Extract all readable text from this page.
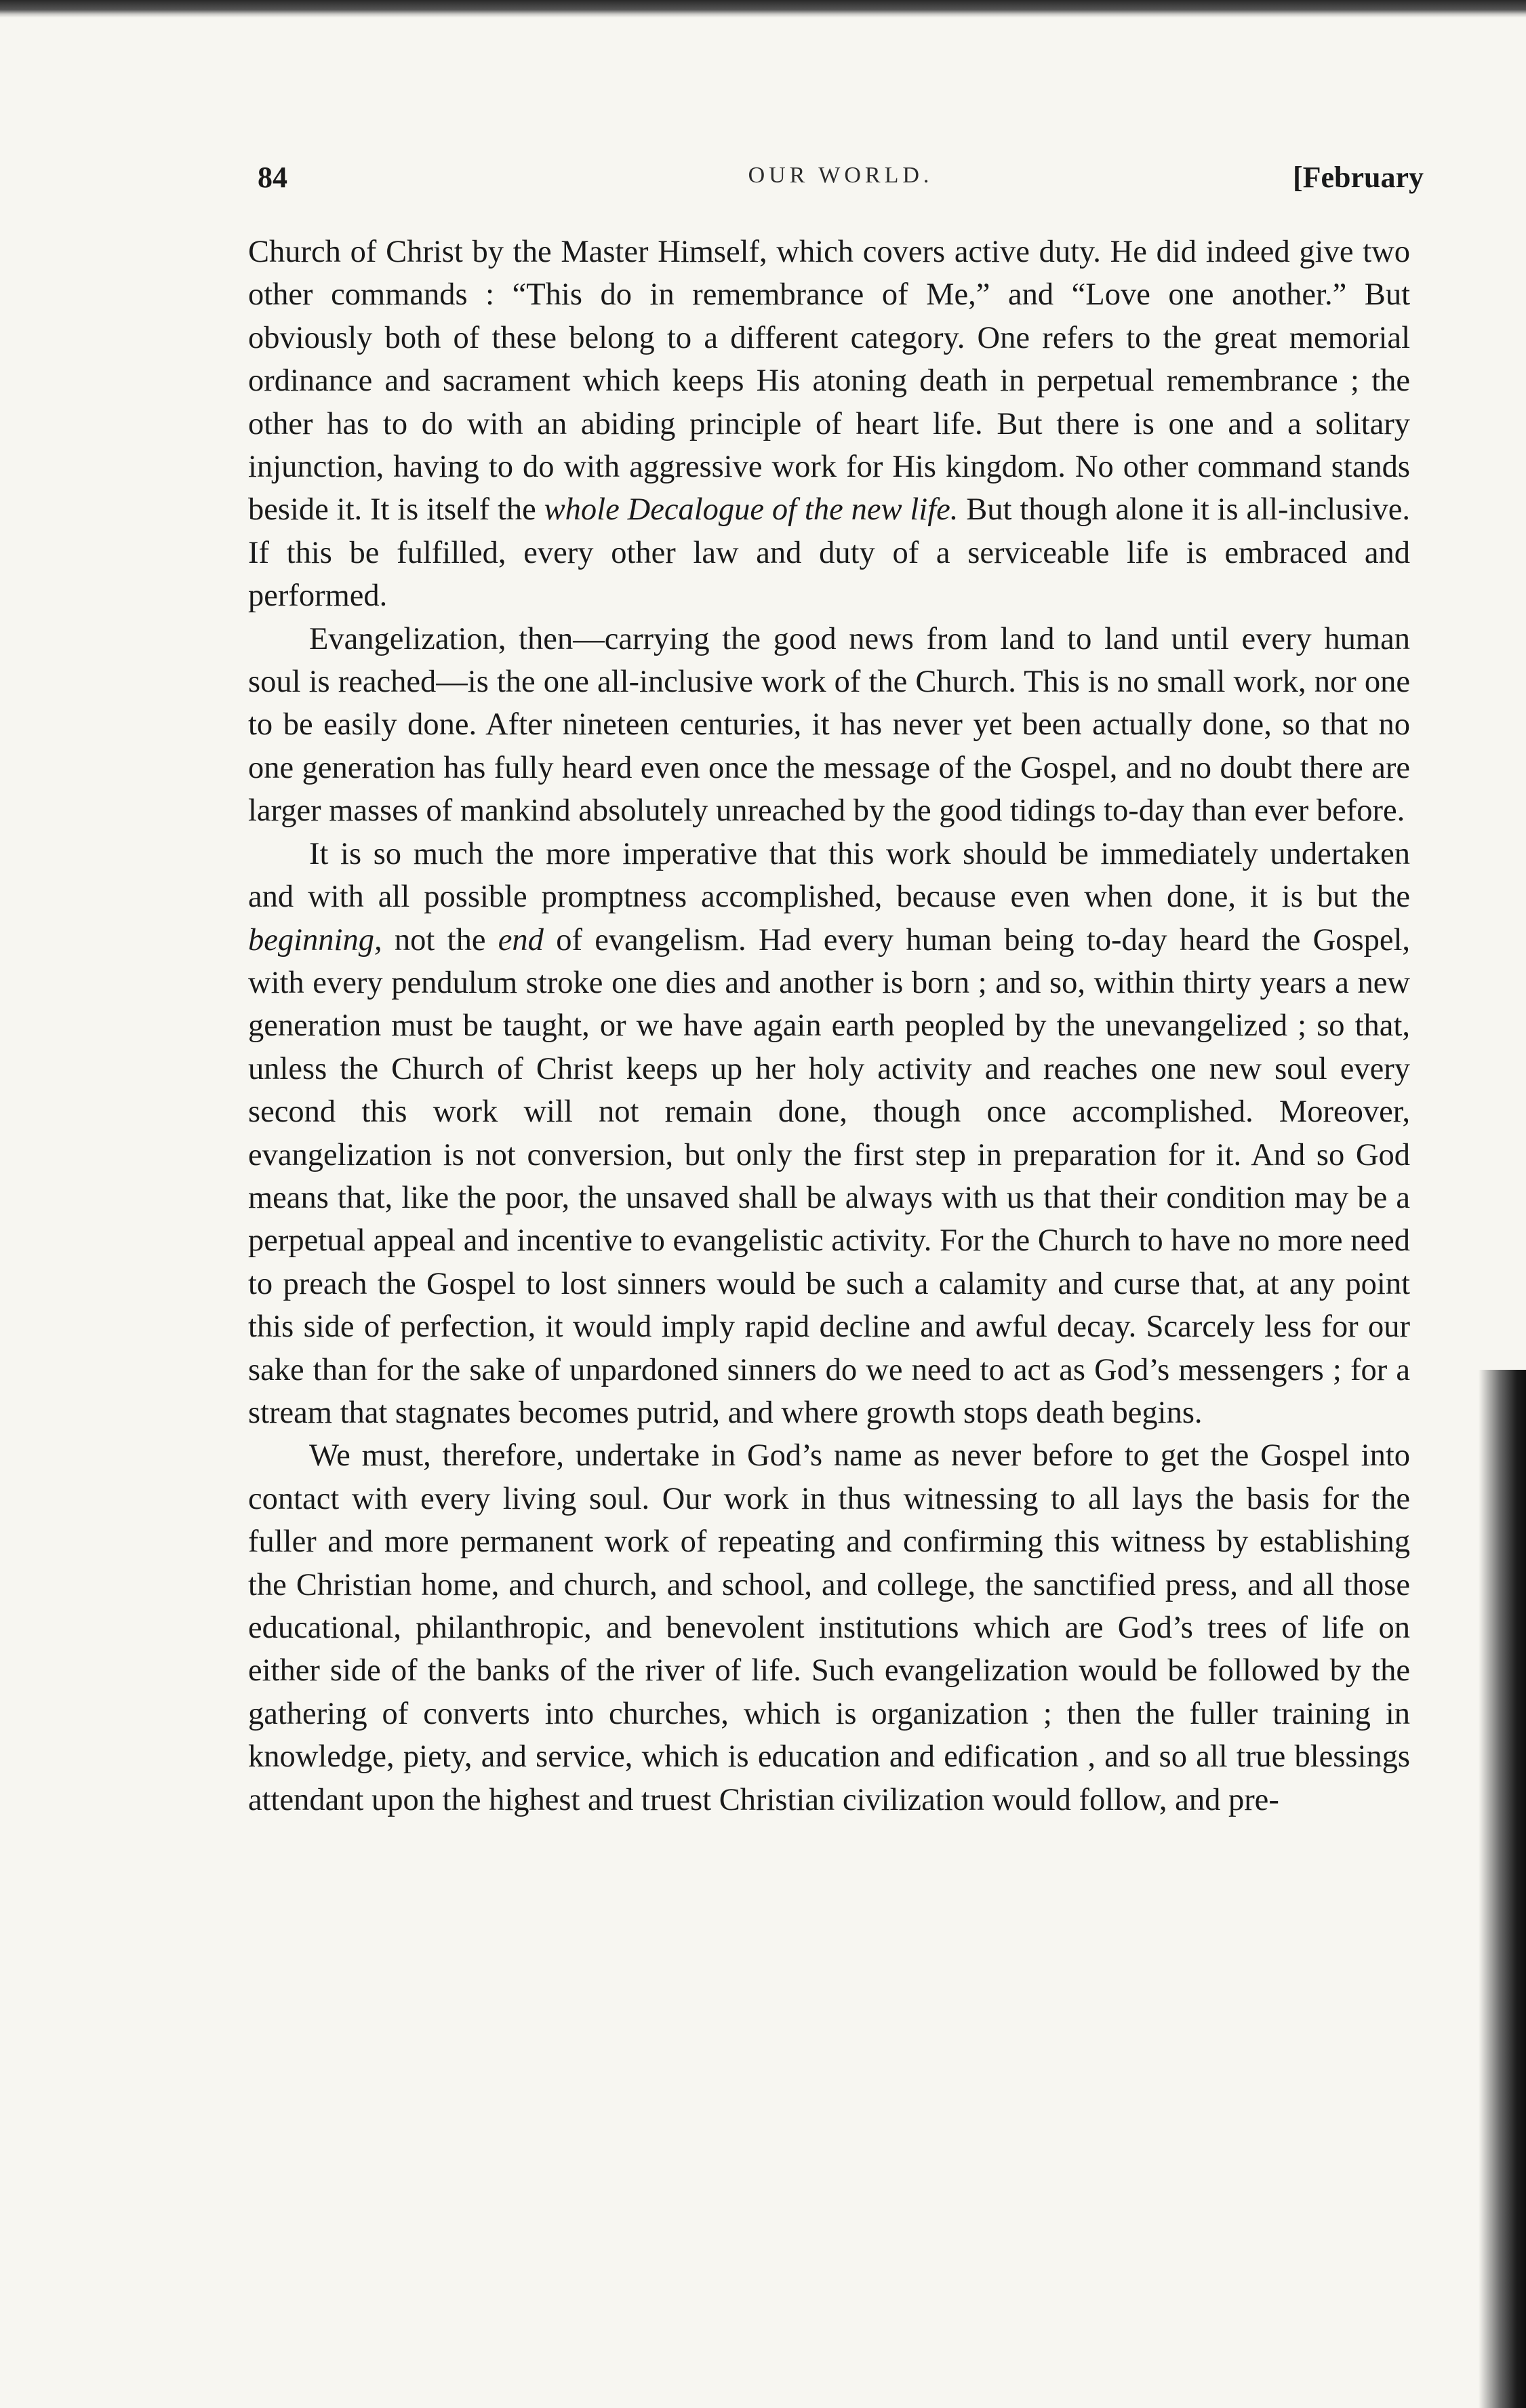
84	OUR WORLD.	[February

Church of Christ by the Master Himself, which covers active duty. He did indeed give two other commands : “This do in remembrance of Me,” and “Love one another.” But obviously both of these belong to a different category. One refers to the great memorial ordinance and sacrament which keeps His atoning death in perpetual remembrance ; the other has to do with an abiding principle of heart life. But there is one and a solitary injunction, having to do with aggressive work for His kingdom. No other command stands beside it. It is itself the whole Decalogue of the new life. But though alone it is all-inclusive. If this be fulfilled, every other law and duty of a serviceable life is embraced and performed.

Evangelization, then—carrying the good news from land to land until every human soul is reached—is the one all-inclusive work of the Church. This is no small work, nor one to be easily done. After nineteen centuries, it has never yet been actually done, so that no one generation has fully heard even once the message of the Gospel, and no doubt there are larger masses of mankind absolutely unreached by the good tidings to-day than ever before.

It is so much the more imperative that this work should be immediately undertaken and with all possible promptness accomplished, because even when done, it is but the beginning, not the end of evangelism. Had every human being to-day heard the Gospel, with every pendulum stroke one dies and another is born ; and so, within thirty years a new generation must be taught, or we have again earth peopled by the unevangelized ; so that, unless the Church of Christ keeps up her holy activity and reaches one new soul every second this work will not remain done, though once accomplished. Moreover, evangelization is not conversion, but only the first step in preparation for it. And so God means that, like the poor, the unsaved shall be always with us that their condition may be a perpetual appeal and incentive to evangelistic activity. For the Church to have no more need to preach the Gospel to lost sinners would be such a calamity and curse that, at any point this side of perfection, it would imply rapid decline and awful decay. Scarcely less for our sake than for the sake of unpardoned sinners do we need to act as God’s messengers ; for a stream that stagnates becomes putrid, and where growth stops death begins.

We must, therefore, undertake in God’s name as never before to get the Gospel into contact with every living soul. Our work in thus witnessing to all lays the basis for the fuller and more permanent work of repeating and confirming this witness by establishing the Christian home, and church, and school, and college, the sanctified press, and all those educational, philanthropic, and benevolent institutions which are God’s trees of life on either side of the banks of the river of life. Such evangelization would be followed by the gathering of converts into churches, which is organization ; then the fuller training in knowledge, piety, and service, which is education and edification , and so all true blessings attendant upon the highest and truest Christian civilization would follow, and pre-
